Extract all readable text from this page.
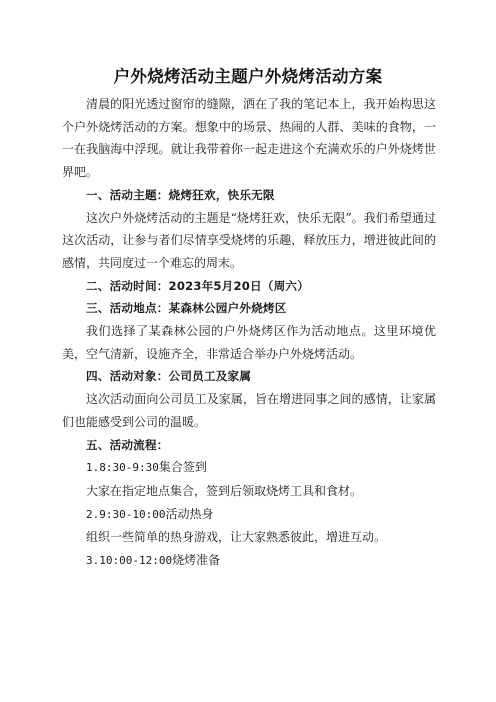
户外烧烤活动主题户外烧烤活动方案

清晨的阳光透过窗帘的缝隙，洒在了我的笔记本上，我开始构思这个户外烧烤活动的方案。想象中的场景、热闹的人群、美味的食物，一一在我脑海中浮现。就让我带着你一起走进这个充满欢乐的户外烧烤世界吧。

一、活动主题：烧烤狂欢，快乐无限

这次户外烧烤活动的主题是“烧烤狂欢，快乐无限”。我们希望通过这次活动，让参与者们尽情享受烧烤的乐趣，释放压力，增进彼此间的感情，共同度过一个难忘的周末。

二、活动时间：2023年5月20日（周六）

三、活动地点：某森林公园户外烧烤区

我们选择了某森林公园的户外烧烤区作为活动地点。这里环境优美，空气清新，设施齐全，非常适合举办户外烧烤活动。

四、活动对象：公司员工及家属

这次活动面向公司员工及家属，旨在增进同事之间的感情，让家属们也能感受到公司的温暖。

五、活动流程：

1.8:30-9:30集合签到

大家在指定地点集合，签到后领取烧烤工具和食材。

2.9:30-10:00活动热身

组织一些简单的热身游戏，让大家熟悉彼此，增进互动。

3.10:00-12:00烧烤准备
